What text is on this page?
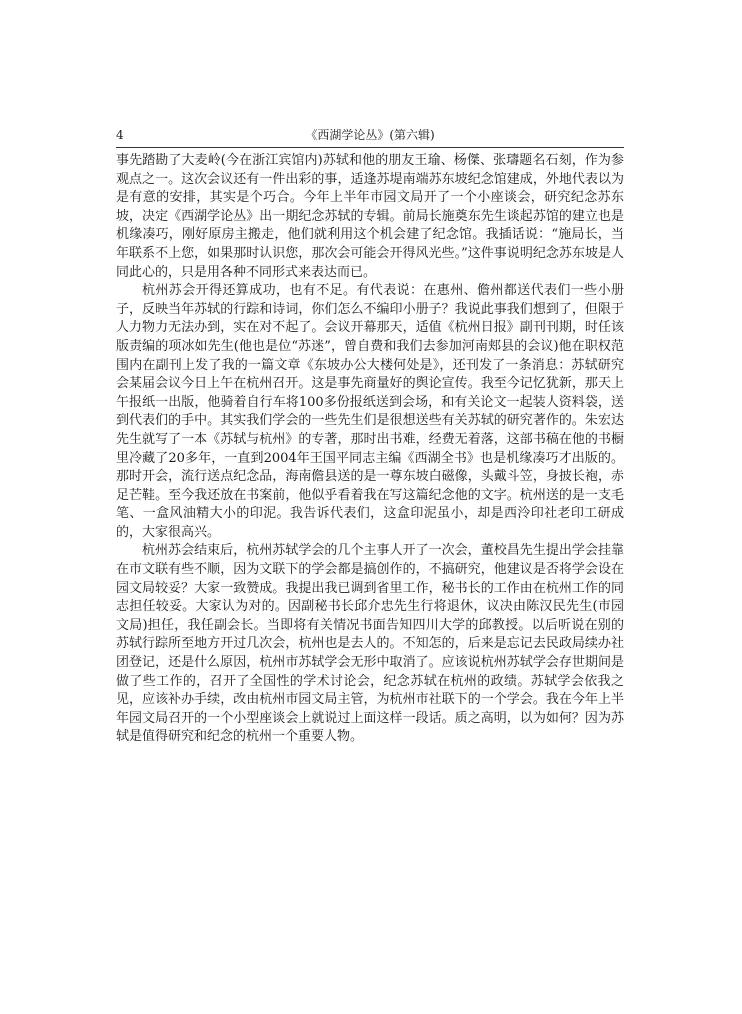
4	《西湖学论丛》(第六辑)

事先踏勘了大麦岭(今在浙江宾馆内)苏轼和他的朋友王瑜、杨傑、张璹题名石刻，作为参观点之一。这次会议还有一件出彩的事，适逢苏堤南端苏东坡纪念馆建成，外地代表以为是有意的安排，其实是个巧合。今年上半年市园文局开了一个小座谈会，研究纪念苏东坡，决定《西湖学论丛》出一期纪念苏轼的专辑。前局长施奠东先生谈起苏馆的建立也是机缘凑巧，刚好原房主搬走，他们就利用这个机会建了纪念馆。我插话说：“施局长，当年联系不上您，如果那时认识您，那次会可能会开得风光些。”这件事说明纪念苏东坡是人同此心的，只是用各种不同形式来表达而已。

杭州苏会开得还算成功，也有不足。有代表说：在惠州、儋州都送代表们一些小册子，反映当年苏轼的行踪和诗词，你们怎么不编印小册子？我说此事我们想到了，但限于人力物力无法办到，实在对不起了。会议开幕那天，适值《杭州日报》副刊刊期，时任该版责编的项冰如先生(他也是位“苏迷”，曾自费和我们去参加河南郏县的会议)他在职权范围内在副刊上发了我的一篇文章《东坡办公大楼何处是》，还刊发了一条消息：苏轼研究会某届会议今日上午在杭州召开。这是事先商量好的舆论宣传。我至今记忆犹新，那天上午报纸一出版，他骑着自行车将100多份报纸送到会场，和有关论文一起装人资料袋，送到代表们的手中。其实我们学会的一些先生们是很想送些有关苏轼的研究著作的。朱宏达先生就写了一本《苏轼与杭州》的专著，那时出书难，经费无着落，这部书稿在他的书橱里冷藏了20多年，一直到2004年王国平同志主编《西湖全书》也是机缘凑巧才出版的。那时开会，流行送点纪念品，海南儋县送的是一尊东坡白磁像，头戴斗笠，身披长袍，赤足芒鞋。至今我还放在书案前，他似乎看着我在写这篇纪念他的文字。杭州送的是一支毛笔、一盒风油精大小的印泥。我告诉代表们，这盒印泥虽小，却是西泠印社老印工研成的，大家很高兴。

杭州苏会结束后，杭州苏轼学会的几个主事人开了一次会，董校昌先生提出学会挂靠在市文联有些不顺，因为文联下的学会都是搞创作的，不搞研究，他建议是否将学会设在园文局较妥？大家一致赞成。我提出我已调到省里工作，秘书长的工作由在杭州工作的同志担任较妥。大家认为对的。因副秘书长邱介忠先生行将退休，议决由陈汉民先生(市园文局)担任，我任副会长。当即将有关情况书面告知四川大学的邱教授。以后听说在别的苏轼行踪所至地方开过几次会，杭州也是去人的。不知怎的，后来是忘记去民政局续办社团登记，还是什么原因，杭州市苏轼学会无形中取消了。应该说杭州苏轼学会存世期间是做了些工作的，召开了全国性的学术讨论会，纪念苏轼在杭州的政绩。苏轼学会依我之见，应该补办手续，改由杭州市园文局主管，为杭州市社联下的一个学会。我在今年上半年园文局召开的一个小型座谈会上就说过上面这样一段话。质之高明，以为如何？因为苏轼是值得研究和纪念的杭州一个重要人物。
